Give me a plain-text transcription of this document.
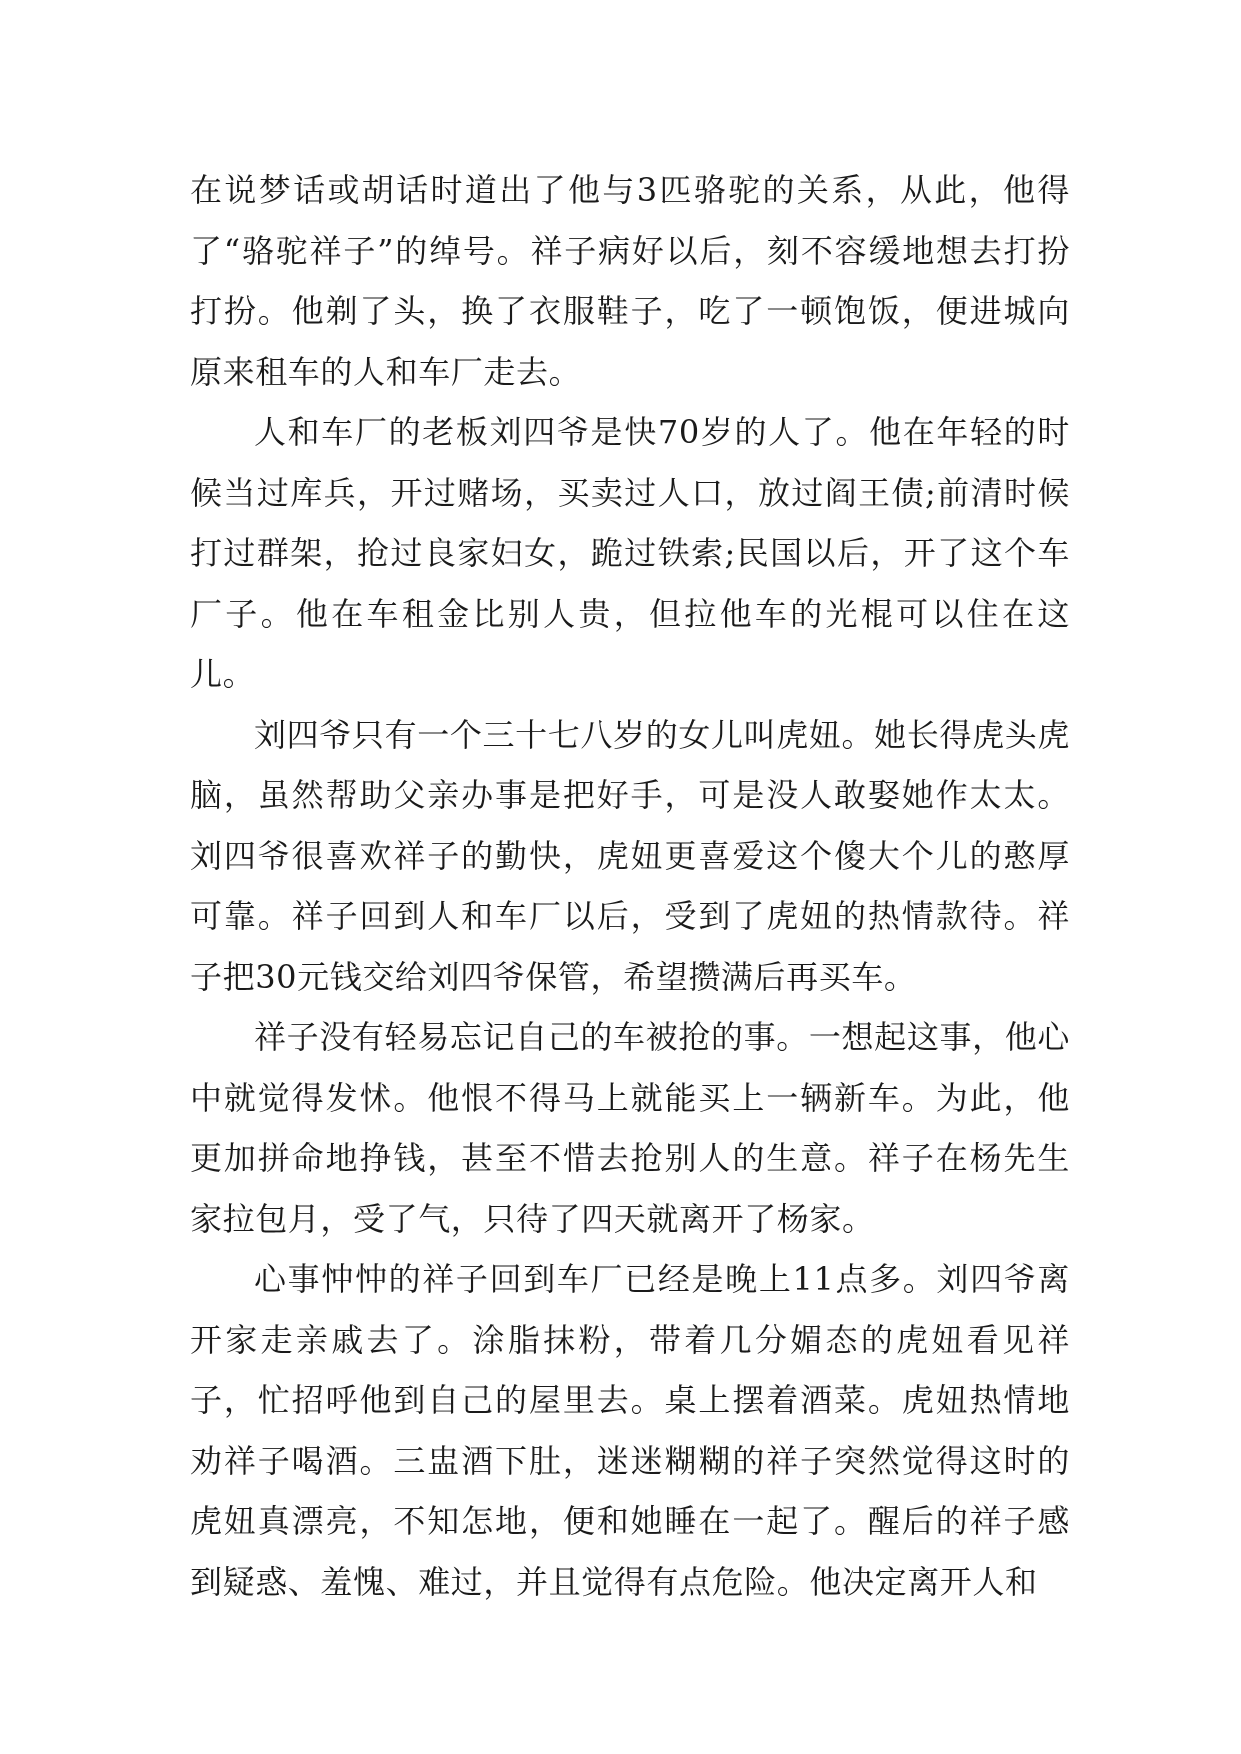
在说梦话或胡话时道出了他与3匹骆驼的关系，从此，他得了“骆驼祥子”的绰号。祥子病好以后，刻不容缓地想去打扮打扮。他剃了头，换了衣服鞋子，吃了一顿饱饭，便进城向原来租车的人和车厂走去。

人和车厂的老板刘四爷是快70岁的人了。他在年轻的时候当过库兵，开过赌场，买卖过人口，放过阎王债;前清时候打过群架，抢过良家妇女，跪过铁索;民国以后，开了这个车厂子。他在车租金比别人贵，但拉他车的光棍可以住在这儿。

刘四爷只有一个三十七八岁的女儿叫虎妞。她长得虎头虎脑，虽然帮助父亲办事是把好手，可是没人敢娶她作太太。刘四爷很喜欢祥子的勤快，虎妞更喜爱这个傻大个儿的憨厚可靠。祥子回到人和车厂以后，受到了虎妞的热情款待。祥子把30元钱交给刘四爷保管，希望攒满后再买车。

祥子没有轻易忘记自己的车被抢的事。一想起这事，他心中就觉得发怵。他恨不得马上就能买上一辆新车。为此，他更加拼命地挣钱，甚至不惜去抢别人的生意。祥子在杨先生家拉包月，受了气，只待了四天就离开了杨家。

心事忡忡的祥子回到车厂已经是晚上11点多。刘四爷离开家走亲戚去了。涂脂抹粉，带着几分媚态的虎妞看见祥子，忙招呼他到自己的屋里去。桌上摆着酒菜。虎妞热情地劝祥子喝酒。三盅酒下肚，迷迷糊糊的祥子突然觉得这时的虎妞真漂亮，不知怎地，便和她睡在一起了。醒后的祥子感到疑惑、羞愧、难过，并且觉得有点危险。他决定离开人和
